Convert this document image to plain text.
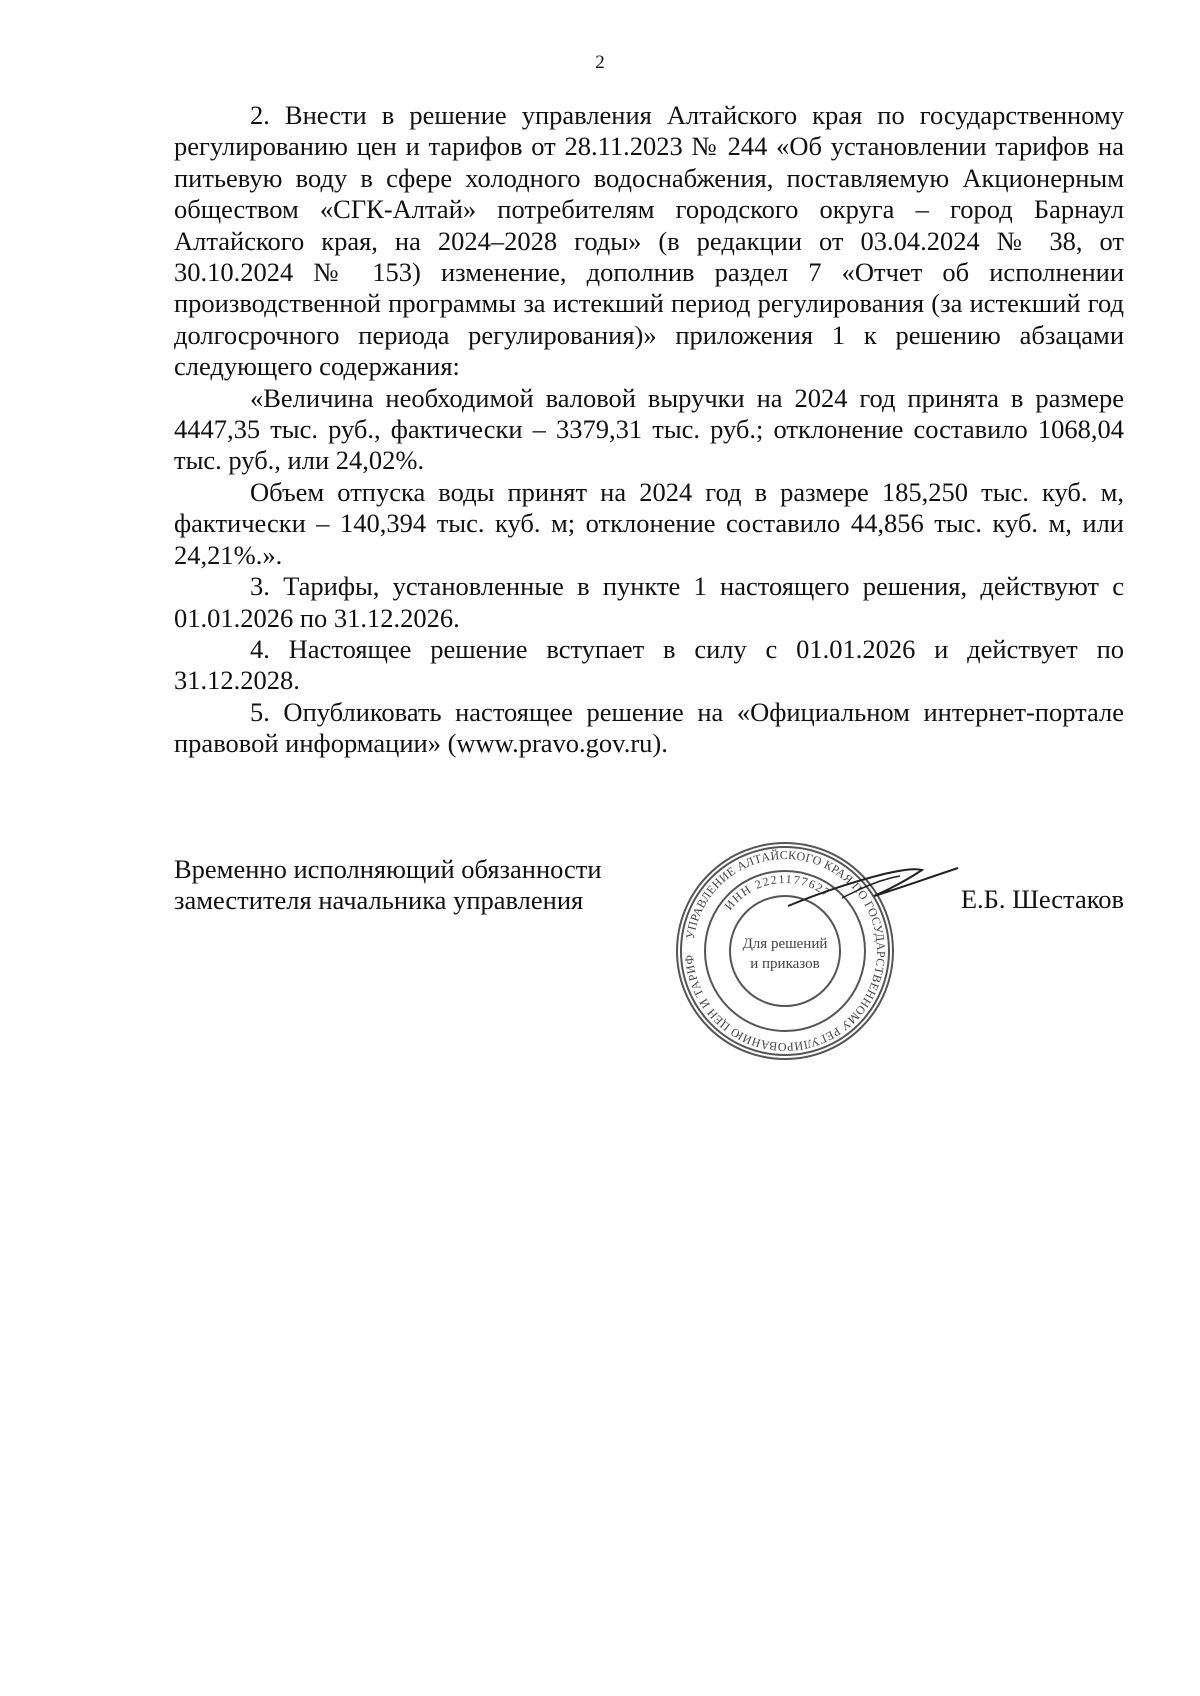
2

2. Внести в решение управления Алтайского края по государственному регулированию цен и тарифов от 28.11.2023 № 244 «Об установлении тарифов на питьевую воду в сфере холодного водоснабжения, поставляемую Акционерным обществом «СГК-Алтай» потребителям городского округа – город Барнаул Алтайского края, на 2024–2028 годы» (в редакции от 03.04.2024 № 38, от 30.10.2024 № 153) изменение, дополнив раздел 7 «Отчет об исполнении производственной программы за истекший период регулирования (за истекший год долгосрочного периода регулирования)» приложения 1 к решению абзацами следующего содержания:

«Величина необходимой валовой выручки на 2024 год принята в размере 4447,35 тыс. руб., фактически – 3379,31 тыс. руб.; отклонение составило 1068,04 тыс. руб., или 24,02%.

Объем отпуска воды принят на 2024 год в размере 185,250 тыс. куб. м, фактически – 140,394 тыс. куб. м; отклонение составило 44,856 тыс. куб. м, или 24,21%.».

3. Тарифы, установленные в пункте 1 настоящего решения, действуют с 01.01.2026 по 31.12.2026.

4. Настоящее решение вступает в силу с 01.01.2026 и действует по 31.12.2028.

5. Опубликовать настоящее решение на «Официальном интернет-портале правовой информации» (www.pravo.gov.ru).

Временно исполняющий обязанности
заместителя начальника управления
УПРАВЛЕНИЕ АЛТАЙСКОГО КРАЯ ПО ГОСУДАРСТВЕННОМУ РЕГУЛИРОВАНИЮ ЦЕН И ТАРИФ
ИНН 2221177627
Для решений
и приказов
Е.Б. Шестаков
